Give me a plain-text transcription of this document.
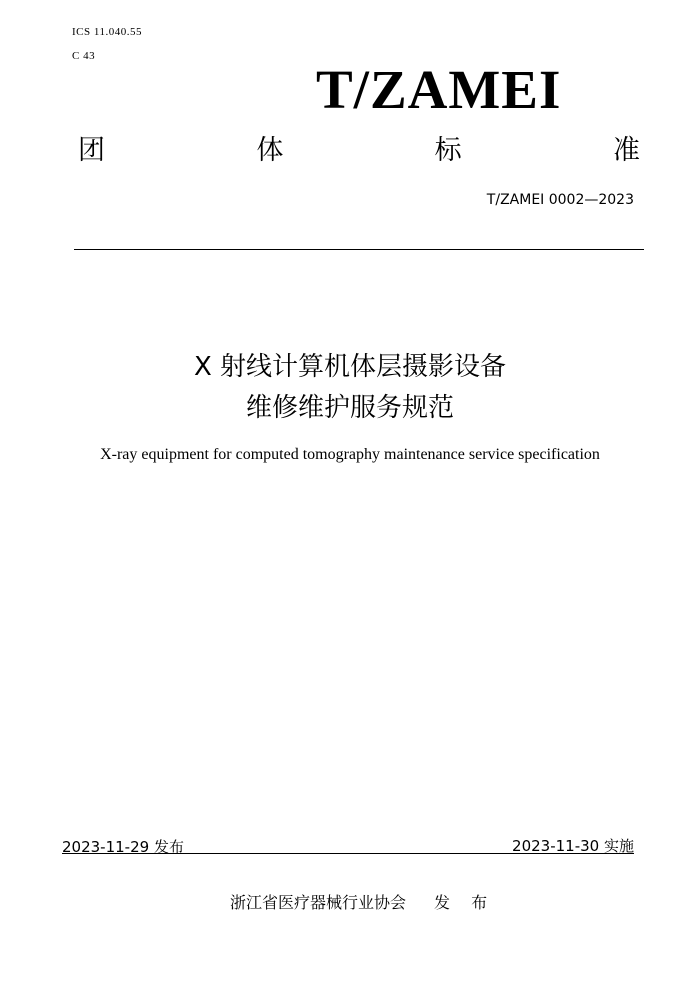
ICS 11.040.55
C 43
T/ZAMEI
团	体	标	准
T/ZAMEI 0002—2023
X 射线计算机体层摄影设备
维修维护服务规范
X-ray equipment for computed tomography maintenance service specification
2023-11-29 发布	2023-11-30 实施
浙江省医疗器械行业协会 发 布
